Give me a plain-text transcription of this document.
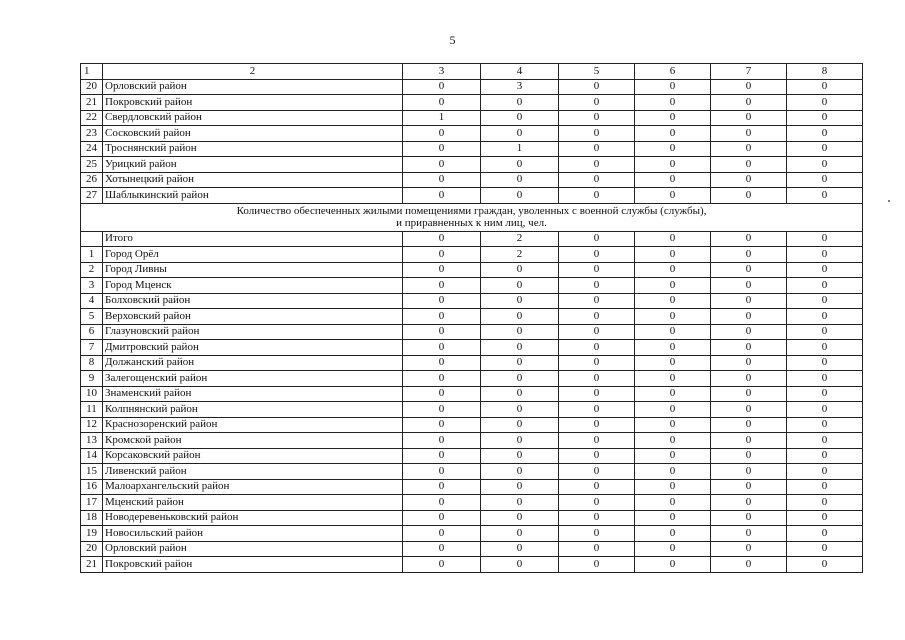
5
1	2	3	4	5	6	7	8
20	Орловский район	0	3	0	0	0	0
21	Покровский район	0	0	0	0	0	0
22	Свердловский район	1	0	0	0	0	0
23	Сосковский район	0	0	0	0	0	0
24	Троснянский район	0	1	0	0	0	0
25	Урицкий район	0	0	0	0	0	0
26	Хотынецкий район	0	0	0	0	0	0
27	Шаблыкинский район	0	0	0	0	0	0

Количество обеспеченных жилыми помещениями граждан, уволенных с военной службы (службы),
и приравненных к ним лиц, чел.							

	Итого	0	2	0	0	0	0
1	Город Орёл	0	2	0	0	0	0
2	Город Ливны	0	0	0	0	0	0
3	Город Мценск	0	0	0	0	0	0
4	Болховский район	0	0	0	0	0	0
5	Верховский район	0	0	0	0	0	0
6	Глазуновский район	0	0	0	0	0	0
7	Дмитровский район	0	0	0	0	0	0
8	Должанский район	0	0	0	0	0	0
9	Залегощенский район	0	0	0	0	0	0
10	Знаменский район	0	0	0	0	0	0
11	Колпнянский район	0	0	0	0	0	0
12	Краснозоренский район	0	0	0	0	0	0
13	Кромской район	0	0	0	0	0	0
14	Корсаковский район	0	0	0	0	0	0
15	Ливенский район	0	0	0	0	0	0
16	Малоархангельский район	0	0	0	0	0	0
17	Мценский район	0	0	0	0	0	0
18	Новодеревеньковский район	0	0	0	0	0	0
19	Новосильский район	0	0	0	0	0	0
20	Орловский район	0	0	0	0	0	0
21	Покровский район	0	0	0	0	0	0
